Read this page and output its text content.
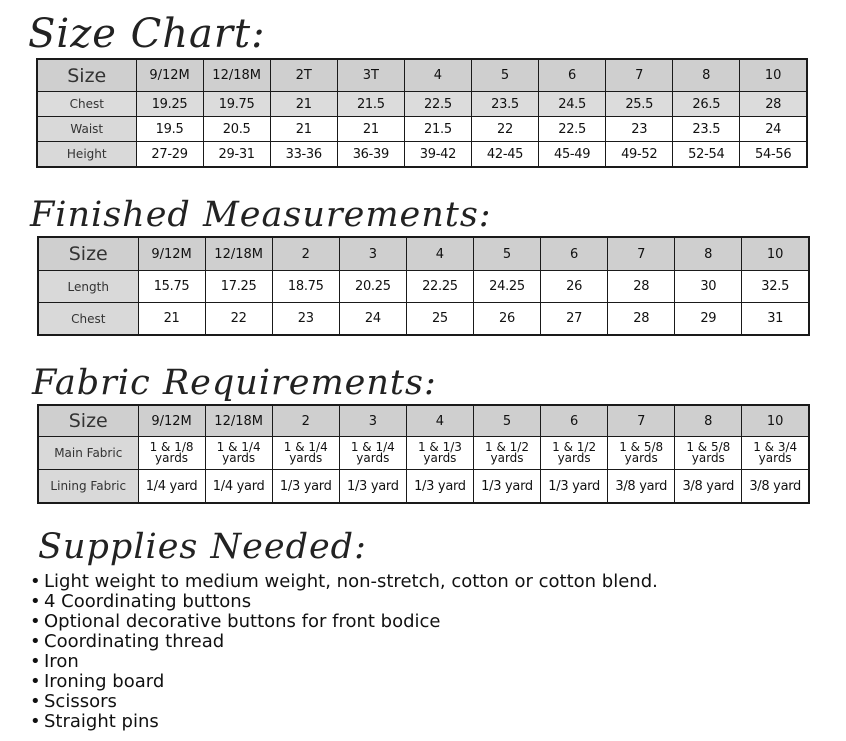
Size Chart:
Size	9/12M	12/18M	2T	3T	4	5	6	7	8	10
Chest	19.25	19.75	21	21.5	22.5	23.5	24.5	25.5	26.5	28
Waist	19.5	20.5	21	21	21.5	22	22.5	23	23.5	24
Height	27-29	29-31	33-36	36-39	39-42	42-45	45-49	49-52	52-54	54-56
Finished Measurements:
Size	9/12M	12/18M	2	3	4	5	6	7	8	10
Length	15.75	17.25	18.75	20.25	22.25	24.25	26	28	30	32.5
Chest	21	22	23	24	25	26	27	28	29	31
Fabric Requirements:
Size	9/12M	12/18M	2	3	4	5	6	7	8	10
Main Fabric	1 & 1/8 yards	1 & 1/4 yards	1 & 1/4 yards	1 & 1/4 yards	1 & 1/3 yards	1 & 1/2 yards	1 & 1/2 yards	1 & 5/8 yards	1 & 5/8 yards	1 & 3/4 yards
Lining Fabric	1/4 yard	1/4 yard	1/3 yard	1/3 yard	1/3 yard	1/3 yard	1/3 yard	3/8 yard	3/8 yard	3/8 yard
Supplies Needed:
• Light weight to medium weight, non-stretch, cotton or cotton blend.
• 4 Coordinating buttons
• Optional decorative buttons for front bodice
• Coordinating thread
• Iron
• Ironing board
• Scissors
• Straight pins
